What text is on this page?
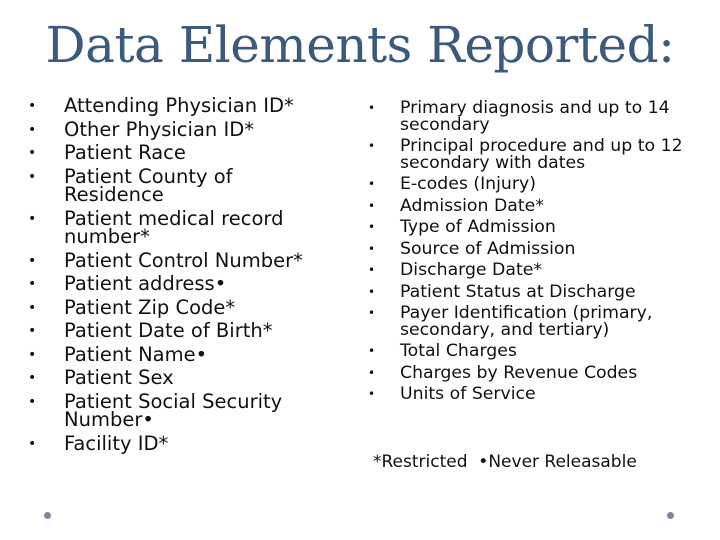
Data Elements Reported:
• Attending Physician ID*
• Other Physician ID*
• Patient Race
• Patient County of Residence
• Patient medical record number*
• Patient Control Number*
• Patient address•
• Patient Zip Code*
• Patient Date of Birth*
• Patient Name•
• Patient Sex
• Patient Social Security Number•
• Facility ID*
• Primary diagnosis and up to 14 secondary
• Principal procedure and up to 12 secondary with dates
• E-codes (Injury)
• Admission Date*
• Type of Admission
• Source of Admission
• Discharge Date*
• Patient Status at Discharge
• Payer Identification (primary, secondary, and tertiary)
• Total Charges
• Charges by Revenue Codes
• Units of Service
*Restricted  •Never Releasable
